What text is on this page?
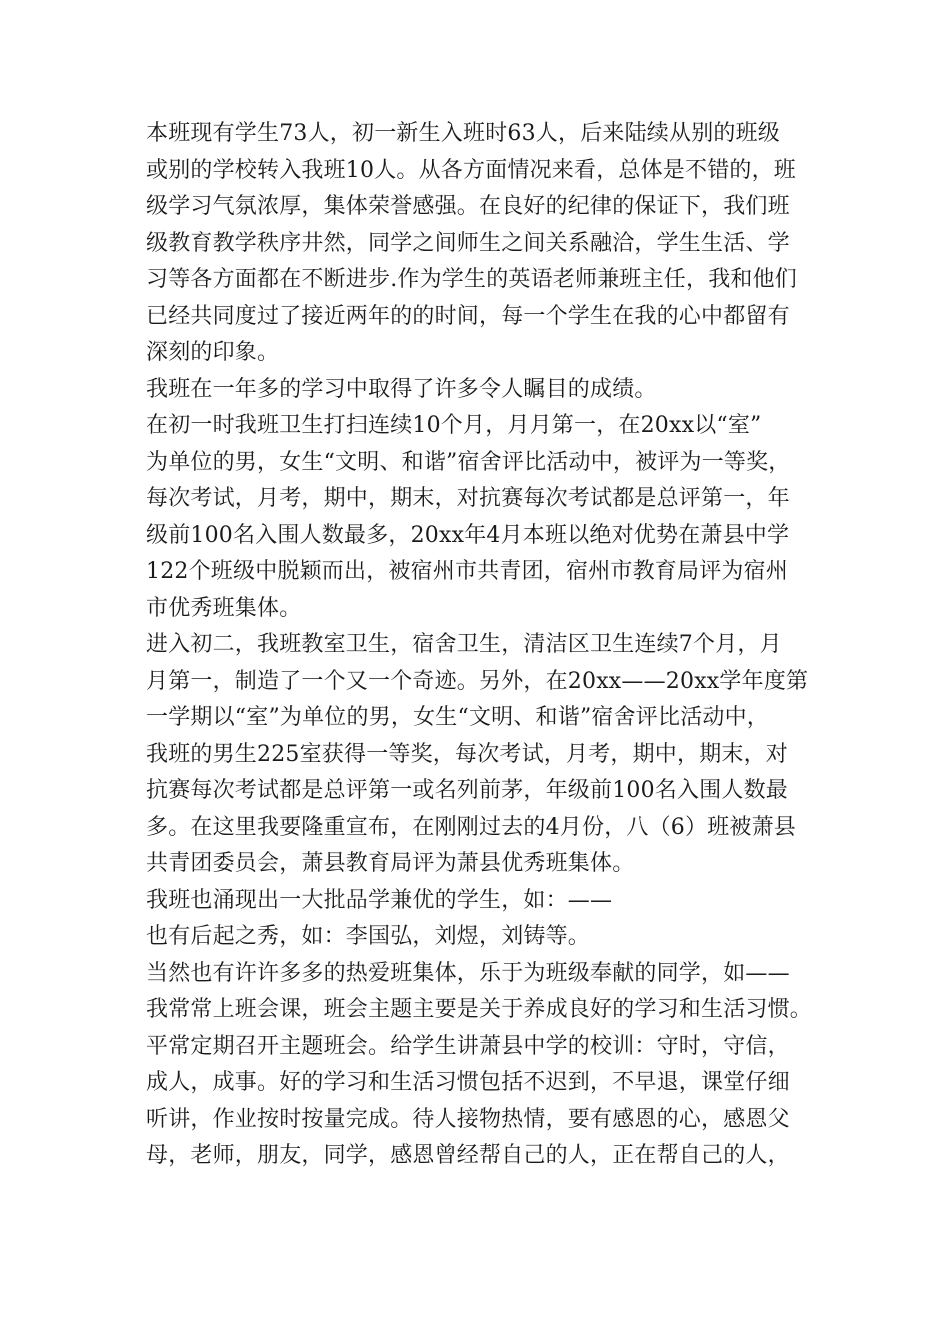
本班现有学生73人，初一新生入班时63人，后来陆续从别的班级
或别的学校转入我班10人。从各方面情况来看，总体是不错的，班
级学习气氛浓厚，集体荣誉感强。在良好的纪律的保证下，我们班
级教育教学秩序井然，同学之间师生之间关系融洽，学生生活、学
习等各方面都在不断进步.作为学生的英语老师兼班主任，我和他们
已经共同度过了接近两年的的时间，每一个学生在我的心中都留有
深刻的印象。
我班在一年多的学习中取得了许多令人瞩目的成绩。
在初一时我班卫生打扫连续10个月，月月第一，在20xx以“室”
为单位的男，女生“文明、和谐”宿舍评比活动中，被评为一等奖，
每次考试，月考，期中，期末，对抗赛每次考试都是总评第一，年
级前100名入围人数最多，20xx年4月本班以绝对优势在萧县中学
122个班级中脱颖而出，被宿州市共青团，宿州市教育局评为宿州
市优秀班集体。
进入初二，我班教室卫生，宿舍卫生，清洁区卫生连续7个月，月
月第一，制造了一个又一个奇迹。另外，在20xx——20xx学年度第
一学期以“室”为单位的男，女生“文明、和谐”宿舍评比活动中，
我班的男生225室获得一等奖，每次考试，月考，期中，期末，对
抗赛每次考试都是总评第一或名列前茅，年级前100名入围人数最
多。在这里我要隆重宣布，在刚刚过去的4月份，八（6）班被萧县
共青团委员会，萧县教育局评为萧县优秀班集体。
我班也涌现出一大批品学兼优的学生，如：——
也有后起之秀，如：李国弘，刘煜，刘铸等。
当然也有许许多多的热爱班集体，乐于为班级奉献的同学，如——
我常常上班会课，班会主题主要是关于养成良好的学习和生活习惯。
平常定期召开主题班会。给学生讲萧县中学的校训：守时，守信，
成人，成事。好的学习和生活习惯包括不迟到，不早退，课堂仔细
听讲，作业按时按量完成。待人接物热情，要有感恩的心，感恩父
母，老师，朋友，同学，感恩曾经帮自己的人，正在帮自己的人，
